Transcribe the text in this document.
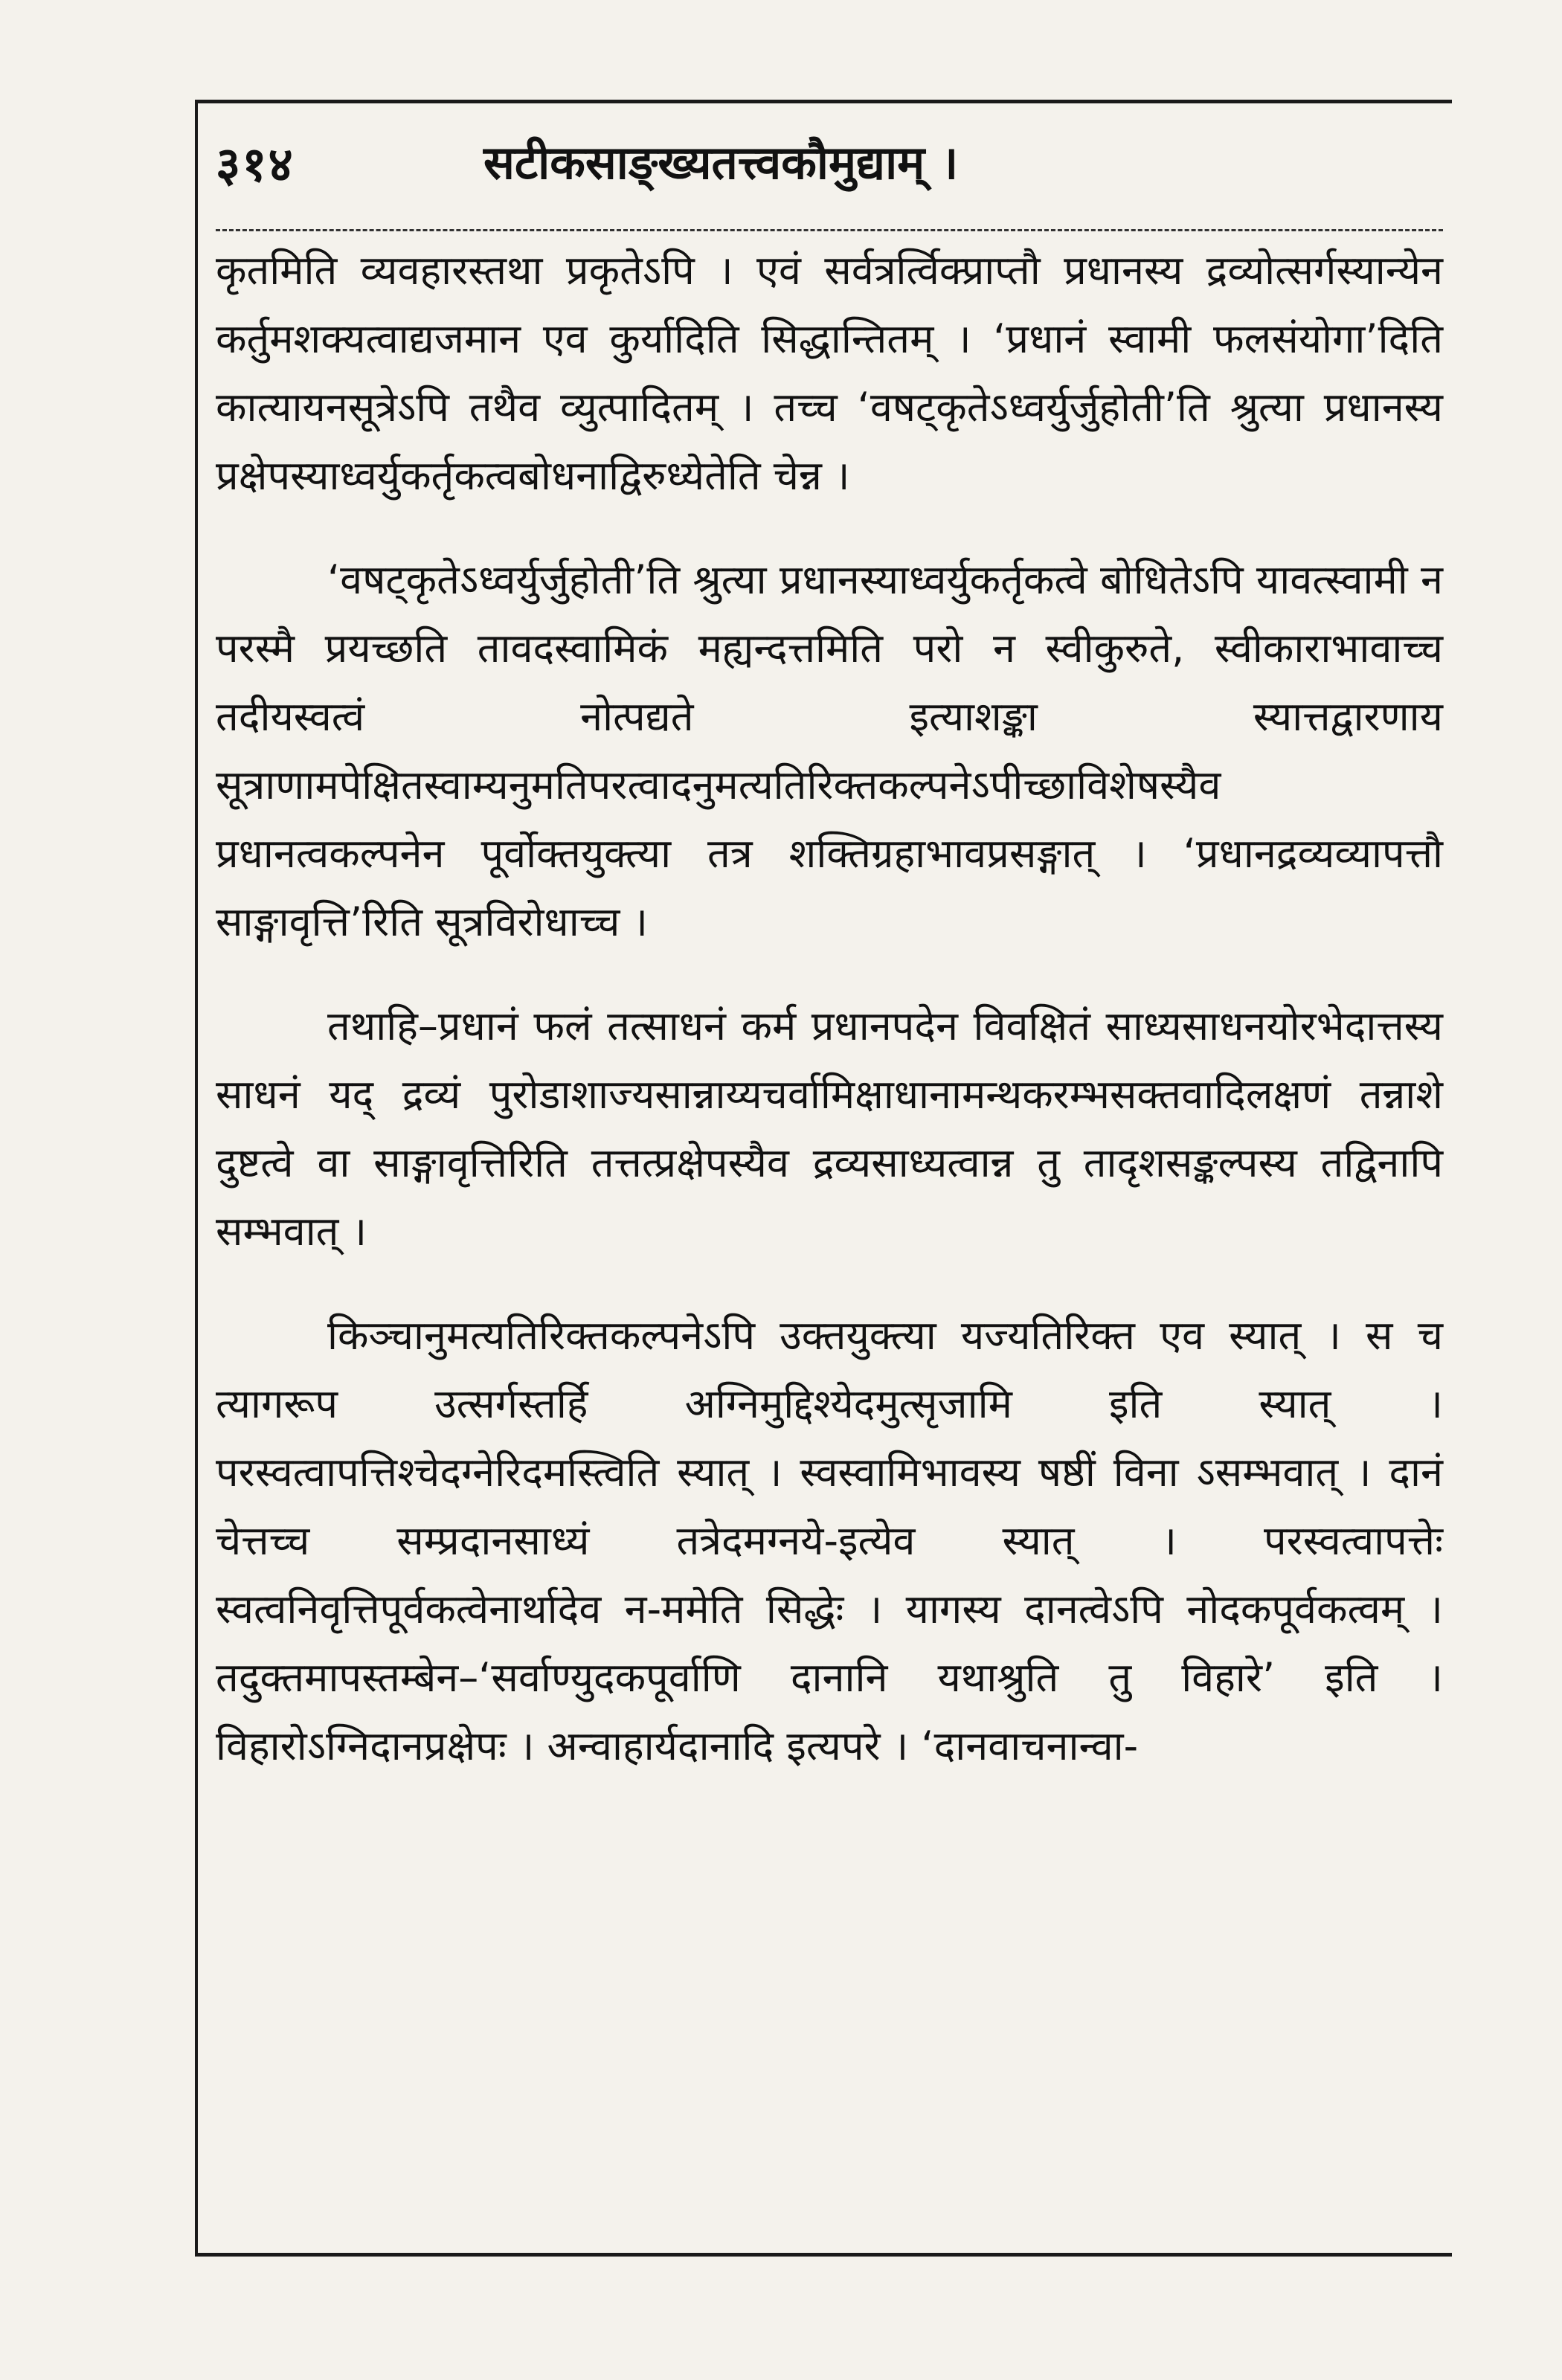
३१४	सटीकसाङ्ख्यतत्त्वकौमुद्याम् ।

कृतमिति व्यवहारस्तथा प्रकृतेऽपि । एवं सर्वत्रर्त्विक्प्राप्तौ प्रधानस्य द्रव्योत्सर्गस्यान्येन कर्तुमशक्यत्वाद्यजमान एव कुर्यादिति सिद्धान्तितम् । ‘प्रधानं स्वामी फलसंयोगा’दिति कात्यायनसूत्रेऽपि तथैव व्युत्पादितम् । तच्च ‘वषट्कृतेऽध्वर्युर्जुहोती’ति श्रुत्या प्रधानस्य प्रक्षेपस्याध्वर्युकर्तृकत्वबोधनाद्विरुध्येतेति चेन्न ।

‘वषट्कृतेऽध्वर्युर्जुहोती’ति श्रुत्या प्रधानस्याध्वर्युकर्तृकत्वे बोधितेऽपि यावत्स्वामी न परस्मै प्रयच्छति तावदस्वामिकं मह्यन्दत्तमिति परो न स्वीकुरुते, स्वीकाराभावाच्च तदीयस्वत्वं नोत्पद्यते इत्याशङ्का स्यात्तद्वारणाय सूत्राणामपेक्षितस्वाम्यनुमतिपरत्वादनुमत्यतिरिक्तकल्पनेऽपीच्छाविशेषस्यैव प्रधानत्वकल्पनेन पूर्वोक्तयुक्त्या तत्र शक्तिग्रहाभावप्रसङ्गात् । ‘प्रधानद्रव्यव्यापत्तौ साङ्गावृत्ति’रिति सूत्रविरोधाच्च ।

तथाहि–प्रधानं फलं तत्साधनं कर्म प्रधानपदेन विवक्षितं साध्यसाधनयोरभेदात्तस्य साधनं यद् द्रव्यं पुरोडाशाज्यसान्नाय्यचर्वामिक्षाधानामन्थकरम्भसक्तवादिलक्षणं तन्नाशे दुष्टत्वे वा साङ्गावृत्तिरिति तत्तत्प्रक्षेपस्यैव द्रव्यसाध्यत्वान्न तु तादृशसङ्कल्पस्य तद्विनापि सम्भवात् ।

किञ्चानुमत्यतिरिक्तकल्पनेऽपि उक्तयुक्त्या यज्यतिरिक्त एव स्यात् । स च त्यागरूप उत्सर्गस्तर्हि अग्निमुद्दिश्येदमुत्सृजामि इति स्यात् । परस्वत्वापत्तिश्चेदग्नेरिदमस्त्विति स्यात् । स्वस्वामिभावस्य षष्ठीं विना ऽसम्भवात् । दानं चेत्तच्च सम्प्रदानसाध्यं तत्रेदमग्नये-इत्येव स्यात् । परस्वत्वापत्तेः स्वत्वनिवृत्तिपूर्वकत्वेनार्थादेव न-ममेति सिद्धेः । यागस्य दानत्वेऽपि नोदकपूर्वकत्वम् । तदुक्तमापस्तम्बेन–‘सर्वाण्युदकपूर्वाणि दानानि यथाश्रुति तु विहारे’ इति । विहारोऽग्निदानप्रक्षेपः । अन्वाहार्यदानादि इत्यपरे । ‘दानवाचनान्वा-
